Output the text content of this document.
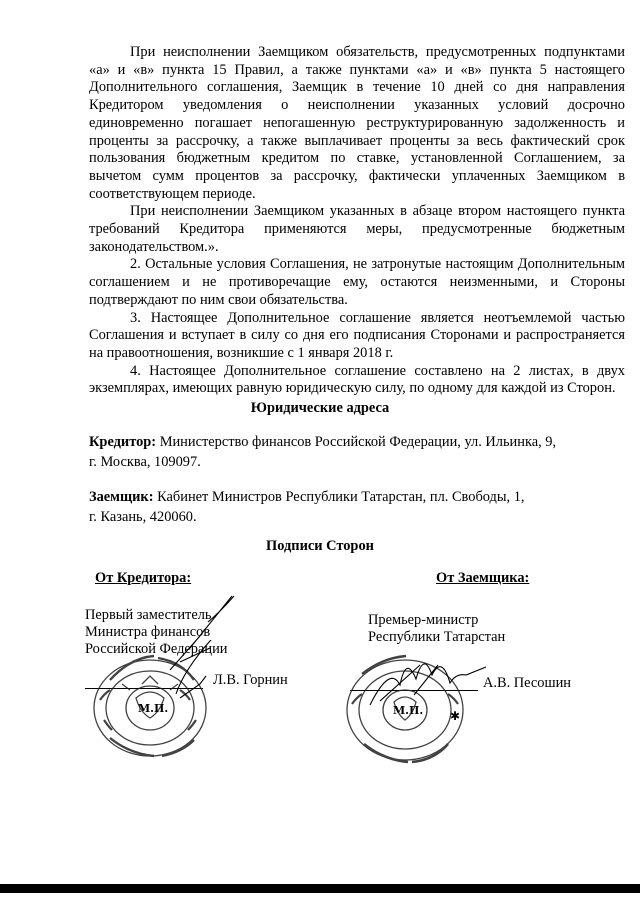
При неисполнении Заемщиком обязательств, предусмотренных подпунктами «а» и «в» пункта 15 Правил, а также пунктами «а» и «в» пункта 5 настоящего Дополнительного соглашения, Заемщик в течение 10 дней со дня направления Кредитором уведомления о неисполнении указанных условий досрочно единовременно погашает непогашенную реструктурированную задолженность и проценты за рассрочку, а также выплачивает проценты за весь фактический срок пользования бюджетным кредитом по ставке, установленной Соглашением, за вычетом сумм процентов за рассрочку, фактически уплаченных Заемщиком в соответствующем периоде.

При неисполнении Заемщиком указанных в абзаце втором настоящего пункта требований Кредитора применяются меры, предусмотренные бюджетным законодательством.».

2. Остальные условия Соглашения, не затронутые настоящим Дополнительным соглашением и не противоречащие ему, остаются неизменными, и Стороны подтверждают по ним свои обязательства.

3. Настоящее Дополнительное соглашение является неотъемлемой частью Соглашения и вступает в силу со дня его подписания Сторонами и распространяется на правоотношения, возникшие с 1 января 2018 г.

4. Настоящее Дополнительное соглашение составлено на 2 листах, в двух экземплярах, имеющих равную юридическую силу, по одному для каждой из Сторон.

Юридические адреса
Кредитор: Министерство финансов Российской Федерации, ул. Ильинка, 9,
г. Москва, 109097.
Заемщик: Кабинет Министров Республики Татарстан, пл. Свободы, 1,
г. Казань, 420060.
Подписи Сторон
От Кредитора:
Первый заместитель
Министра финансов
Российской Федерации
Л.В. Горнин
М.П.
От Заемщика:
Премьер-министр
Республики Татарстан
А.В. Песошин
М.П. ✱
